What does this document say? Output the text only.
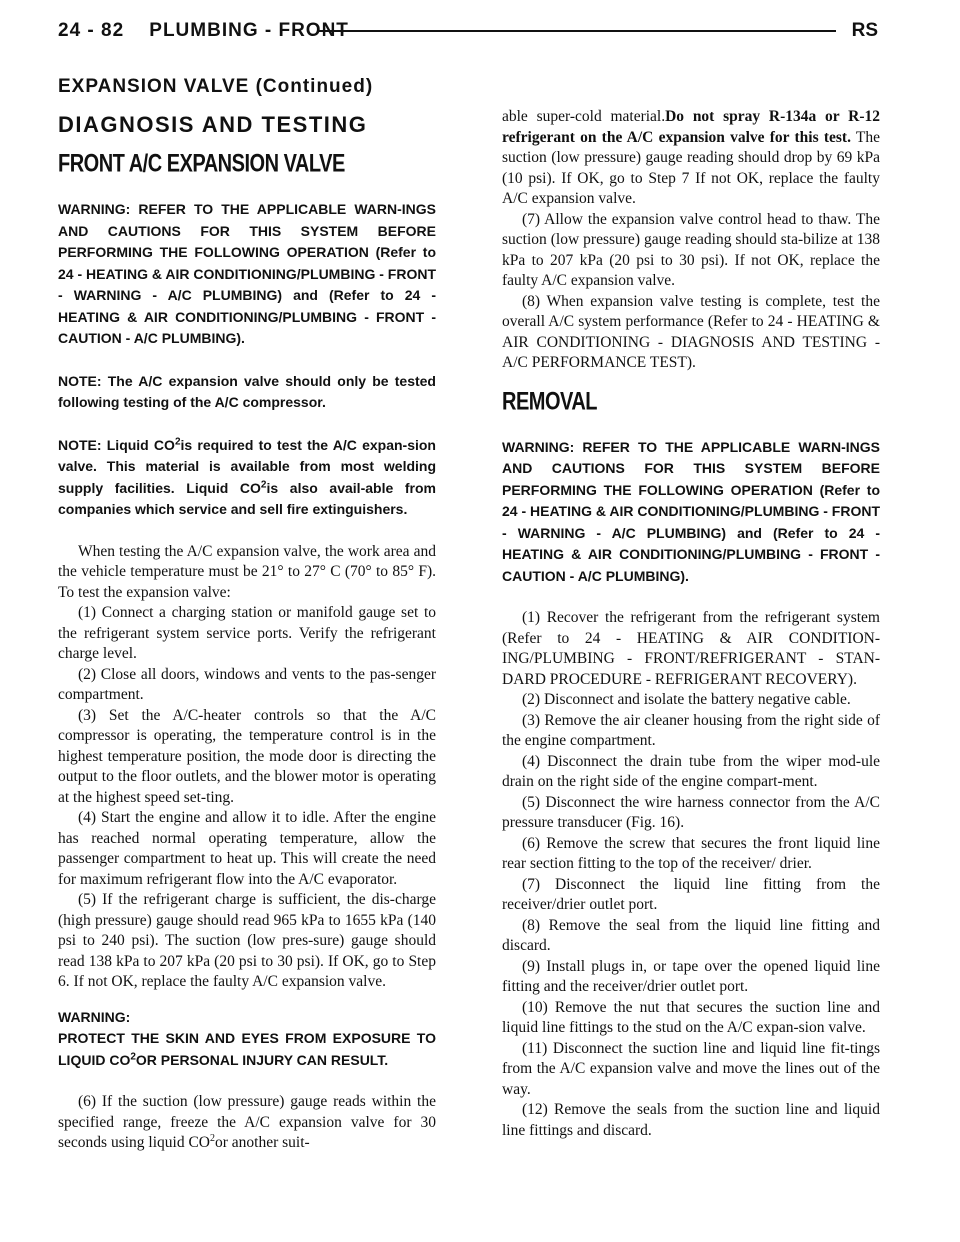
24 - 82    PLUMBING - FRONT	RS
EXPANSION VALVE (Continued)
DIAGNOSIS AND TESTING
FRONT A/C EXPANSION VALVE
WARNING: REFER TO THE APPLICABLE WARN-INGS AND CAUTIONS FOR THIS SYSTEM BEFORE PERFORMING THE FOLLOWING OPERATION (Refer to 24 - HEATING & AIR CONDITIONING/PLUMBING - FRONT - WARNING - A/C PLUMBING) and (Refer to 24 - HEATING & AIR CONDITIONING/PLUMBING - FRONT - CAUTION - A/C PLUMBING).
NOTE: The A/C expansion valve should only be tested following testing of the A/C compressor.
NOTE: Liquid $CO^2is$ required to test the A/C expan-sion valve. This material is available from most welding supply facilities. Liquid $CO^2is$ also avail-able from companies which service and sell fire extinguishers.

When testing the A/C expansion valve, the work area and the vehicle temperature must be 21° to 27° C (70° to 85° F). To test the expansion valve:

(1) Connect a charging station or manifold gauge set to the refrigerant system service ports. Verify the refrigerant charge level.

(2) Close all doors, windows and vents to the pas-senger compartment.

(3) Set the A/C-heater controls so that the A/C compressor is operating, the temperature control is in the highest temperature position, the mode door is directing the output to the floor outlets, and the blower motor is operating at the highest speed set-ting.

(4) Start the engine and allow it to idle. After the engine has reached normal operating temperature, allow the passenger compartment to heat up. This will create the need for maximum refrigerant flow into the A/C evaporator.

(5) If the refrigerant charge is sufficient, the dis-charge (high pressure) gauge should read 965 kPa to 1655 kPa (140 psi to 240 psi). The suction (low pres-sure) gauge should read 138 kPa to 207 kPa (20 psi to 30 psi). If OK, go to Step 6. If not OK, replace the faulty A/C expansion valve.

WARNING:
PROTECT THE SKIN AND EYES FROM EXPOSURE TO LIQUID $CO^2OR$ PERSONAL INJURY CAN RESULT.

(6) If the suction (low pressure) gauge reads within the specified range, freeze the A/C expansion valve for 30 seconds using liquid $CO^2or$ another suit-

able super-cold material.Do not spray R-134a or R-12 refrigerant on the A/C expansion valve for this test. The suction (low pressure) gauge reading should drop by 69 kPa (10 psi). If OK, go to Step 7 If not OK, replace the faulty A/C expansion valve.

(7) Allow the expansion valve control head to thaw. The suction (low pressure) gauge reading should sta-bilize at 138 kPa to 207 kPa (20 psi to 30 psi). If not OK, replace the faulty A/C expansion valve.

(8) When expansion valve testing is complete, test the overall A/C system performance (Refer to 24 - HEATING & AIR CONDITIONING - DIAGNOSIS AND TESTING - A/C PERFORMANCE TEST).

REMOVAL
WARNING: REFER TO THE APPLICABLE WARN-INGS AND CAUTIONS FOR THIS SYSTEM BEFORE PERFORMING THE FOLLOWING OPERATION (Refer to 24 - HEATING & AIR CONDITIONING/PLUMBING - FRONT - WARNING - A/C PLUMBING) and (Refer to 24 - HEATING & AIR CONDITIONING/PLUMBING - FRONT - CAUTION - A/C PLUMBING).

(1) Recover the refrigerant from the refrigerant system (Refer to 24 - HEATING & AIR CONDITION-ING/PLUMBING - FRONT/REFRIGERANT - STAN-DARD PROCEDURE - REFRIGERANT RECOVERY).

(2) Disconnect and isolate the battery negative cable.

(3) Remove the air cleaner housing from the right side of the engine compartment.

(4) Disconnect the drain tube from the wiper mod-ule drain on the right side of the engine compart-ment.

(5) Disconnect the wire harness connector from the A/C pressure transducer (Fig. 16).

(6) Remove the screw that secures the front liquid line rear section fitting to the top of the receiver/ drier.

(7) Disconnect the liquid line fitting from the receiver/drier outlet port.

(8) Remove the seal from the liquid line fitting and discard.

(9) Install plugs in, or tape over the opened liquid line fitting and the receiver/drier outlet port.

(10) Remove the nut that secures the suction line and liquid line fittings to the stud on the A/C expan-sion valve.

(11) Disconnect the suction line and liquid line fit-tings from the A/C expansion valve and move the lines out of the way.

(12) Remove the seals from the suction line and liquid line fittings and discard.
